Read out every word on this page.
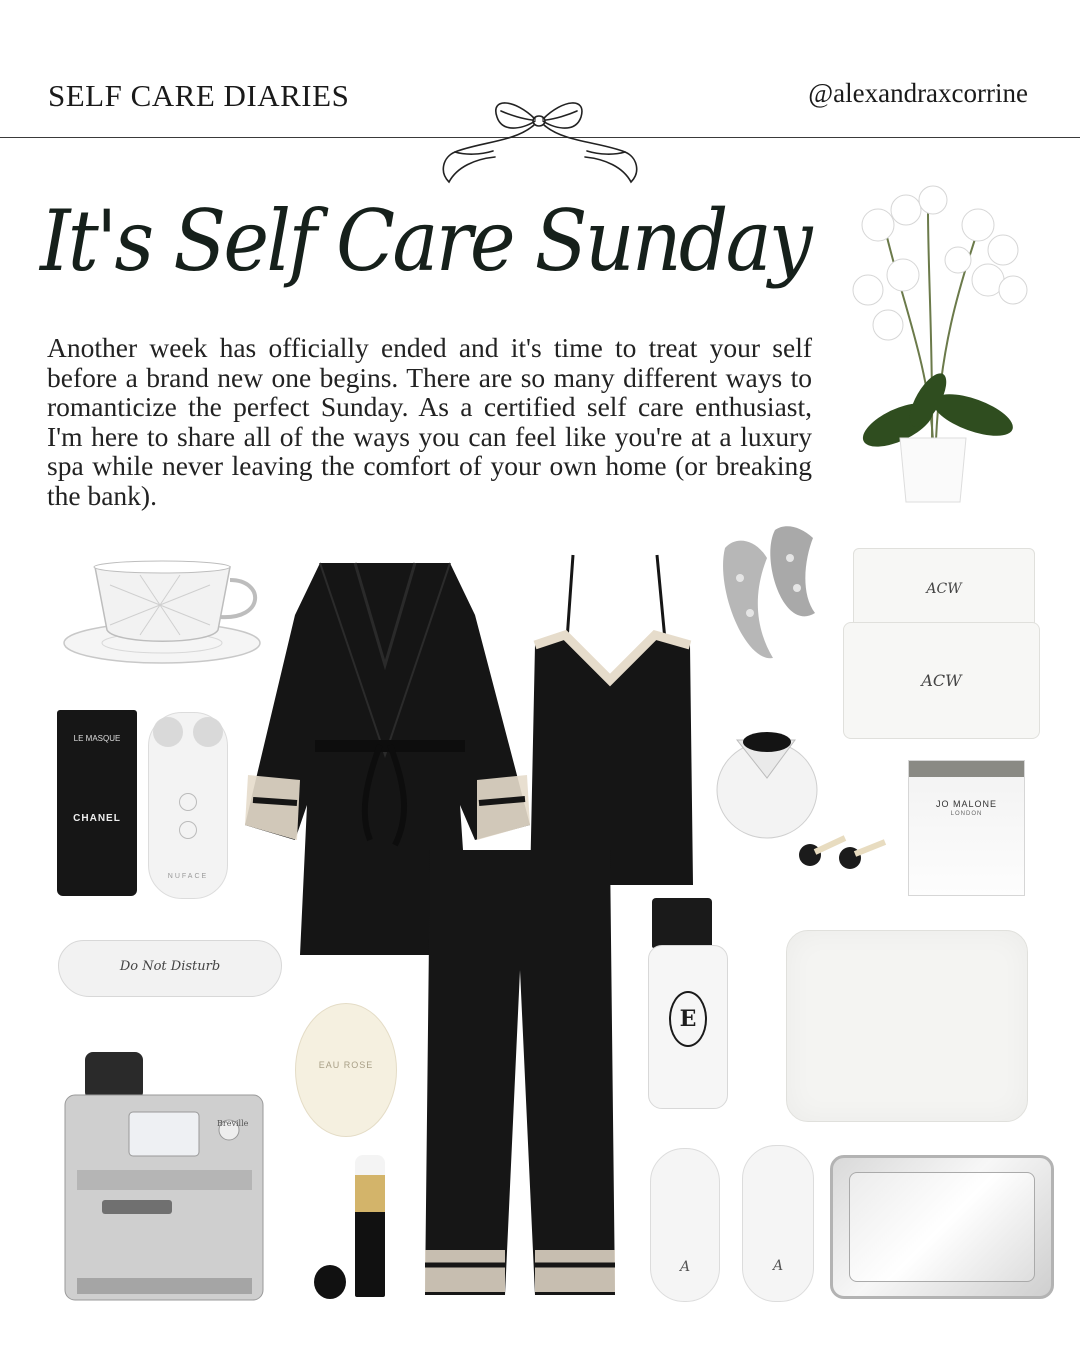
SELF CARE DIARIES	@alexandraxcorrine
It's Self Care Sunday

Another week has officially ended and it's time to treat your self before a brand new one begins. There are so many different ways to romanticize the perfect Sunday. As a certified self care enthusiast, I'm here to share all of the ways you can feel like you're at a luxury spa while never leaving the comfort of your own home (or breaking the bank).

LE MASQUE
CHANEL
NUFACE
ACW
ACW
JO MALONE
LONDON
Do Not Disturb
EAU ROSE
E
Breville
A	A
